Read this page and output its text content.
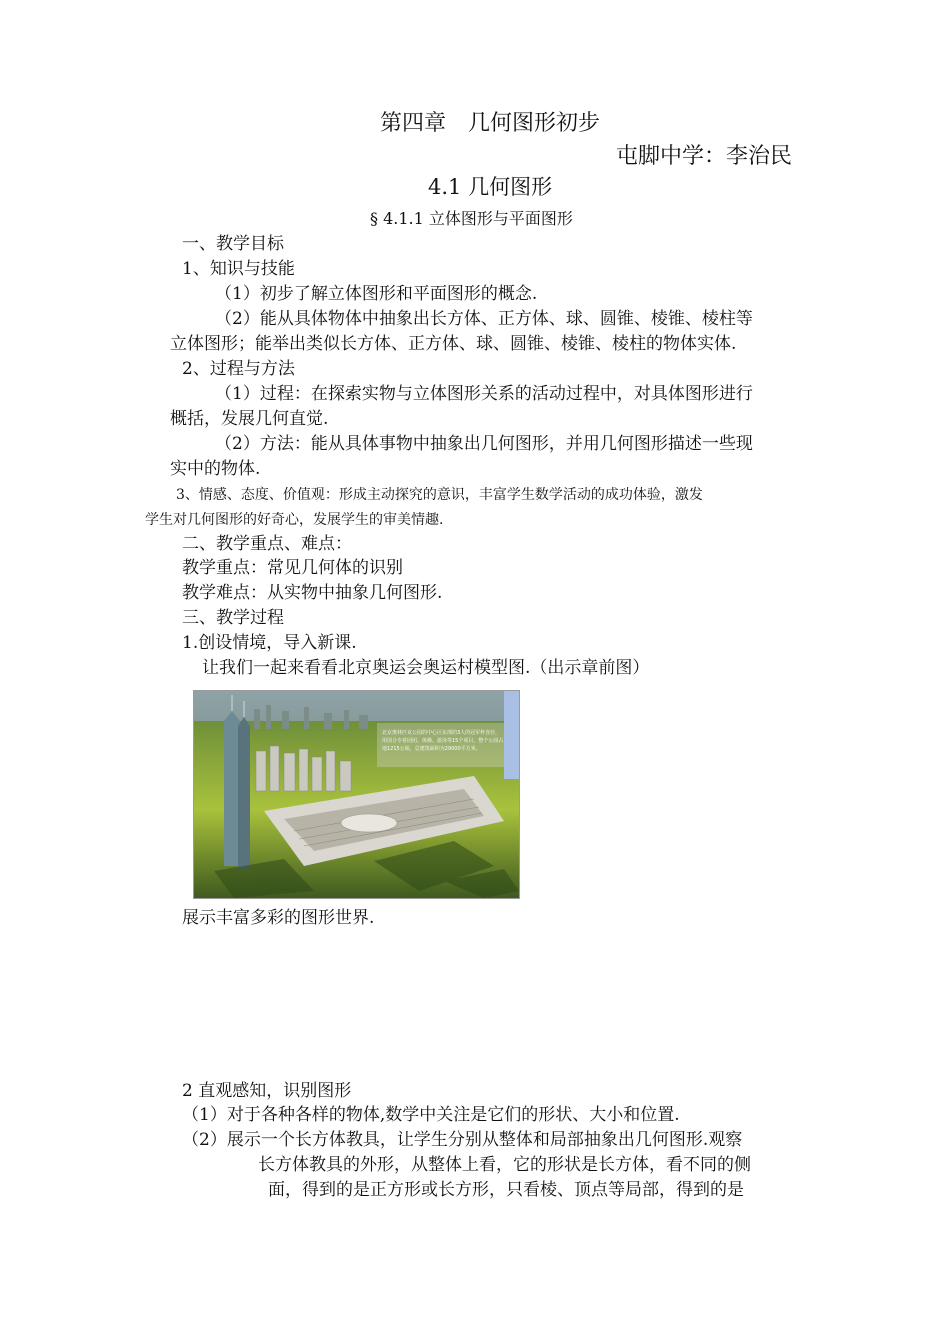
第四章　几何图形初步
屯脚中学：李治民
4.1 几何图形
§ 4.1.1 立体图形与平面图形
一、教学目标
1、知识与技能
（1）初步了解立体图形和平面图形的概念.
（2）能从具体物体中抽象出长方体、正方体、球、圆锥、棱锥、棱柱等
立体图形；能举出类似长方体、正方体、球、圆锥、棱锥、棱柱的物体实体.
2、过程与方法
（1）过程：在探索实物与立体图形关系的活动过程中，对具体图形进行
概括，发展几何直觉.
（2）方法：能从具体事物中抽象出几何图形，并用几何图形描述一些现
实中的物体.
3、情感、态度、价值观：形成主动探究的意识，丰富学生数学活动的成功体验，激发
学生对几何图形的好奇心，发展学生的审美情趣.
二、教学重点、难点：
教学重点：常见几何体的识别
教学难点：从实物中抽象几何图形.
三、教学过程
1.创设情境，导入新课.
让我们一起来看看北京奥运会奥运村模型图.（出示章前图）
北京奥林匹克公园的中心区东部的3人的冠军杯直径，用国合专着园团、体操、游泳等15个项目，整个公园占地1215公顷，总建筑面积为29000平方米。
展示丰富多彩的图形世界.
2 直观感知，识别图形
（1）对于各种各样的物体,数学中关注是它们的形状、大小和位置.
（2）展示一个长方体教具，让学生分别从整体和局部抽象出几何图形.观察
长方体教具的外形，从整体上看，它的形状是长方体，看不同的侧
面，得到的是正方形或长方形，只看棱、顶点等局部，得到的是
